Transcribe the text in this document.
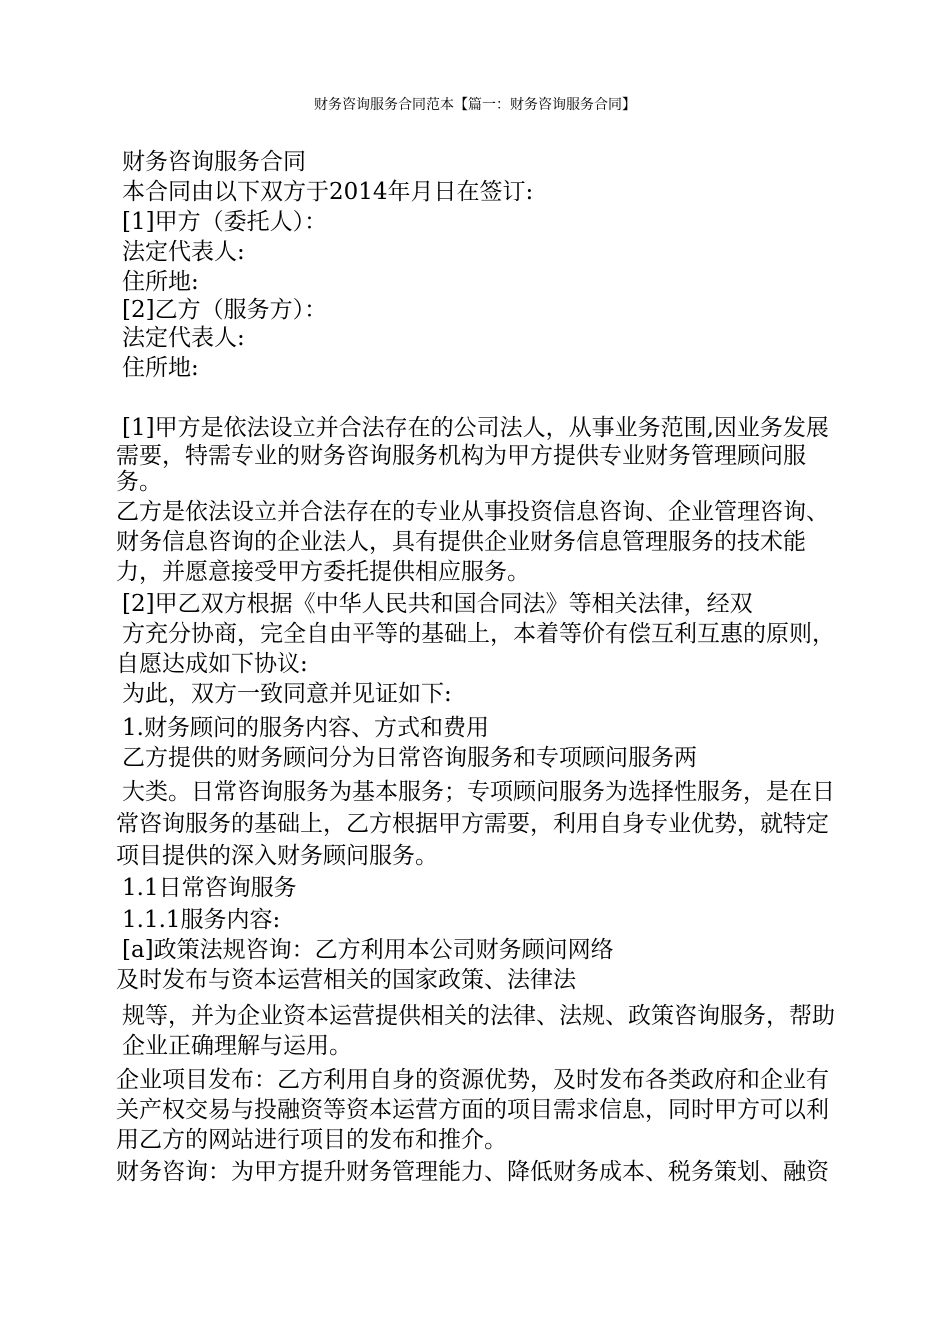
财务咨询服务合同范本【篇一：财务咨询服务合同】
财务咨询服务合同
本合同由以下双方于2014年月日在签订:
[1]甲方（委托人）：
法定代表人:
住所地:
[2]乙方（服务方）：
法定代表人:
住所地:
[1]甲方是依法设立并合法存在的公司法人，从事业务范围,因业务发展
需要，特需专业的财务咨询服务机构为甲方提供专业财务管理顾问服
务。
乙方是依法设立并合法存在的专业从事投资信息咨询、企业管理咨询、
财务信息咨询的企业法人，具有提供企业财务信息管理服务的技术能
力，并愿意接受甲方委托提供相应服务。
[2]甲乙双方根据《中华人民共和国合同法》等相关法律，经双
方充分协商，完全自由平等的基础上，本着等价有偿互利互惠的原则，
自愿达成如下协议:
为此，双方一致同意并见证如下:
1.财务顾问的服务内容、方式和费用
乙方提供的财务顾问分为日常咨询服务和专项顾问服务两
大类。日常咨询服务为基本服务；专项顾问服务为选择性服务，是在日
常咨询服务的基础上，乙方根据甲方需要，利用自身专业优势，就特定
项目提供的深入财务顾问服务。
1.1日常咨询服务
1.1.1服务内容:
[a]政策法规咨询：乙方利用本公司财务顾问网络
及时发布与资本运营相关的国家政策、法律法
规等，并为企业资本运营提供相关的法律、法规、政策咨询服务，帮助
企业正确理解与运用。
企业项目发布：乙方利用自身的资源优势，及时发布各类政府和企业有
关产权交易与投融资等资本运营方面的项目需求信息，同时甲方可以利
用乙方的网站进行项目的发布和推介。
财务咨询：为甲方提升财务管理能力、降低财务成本、税务策划、融资
